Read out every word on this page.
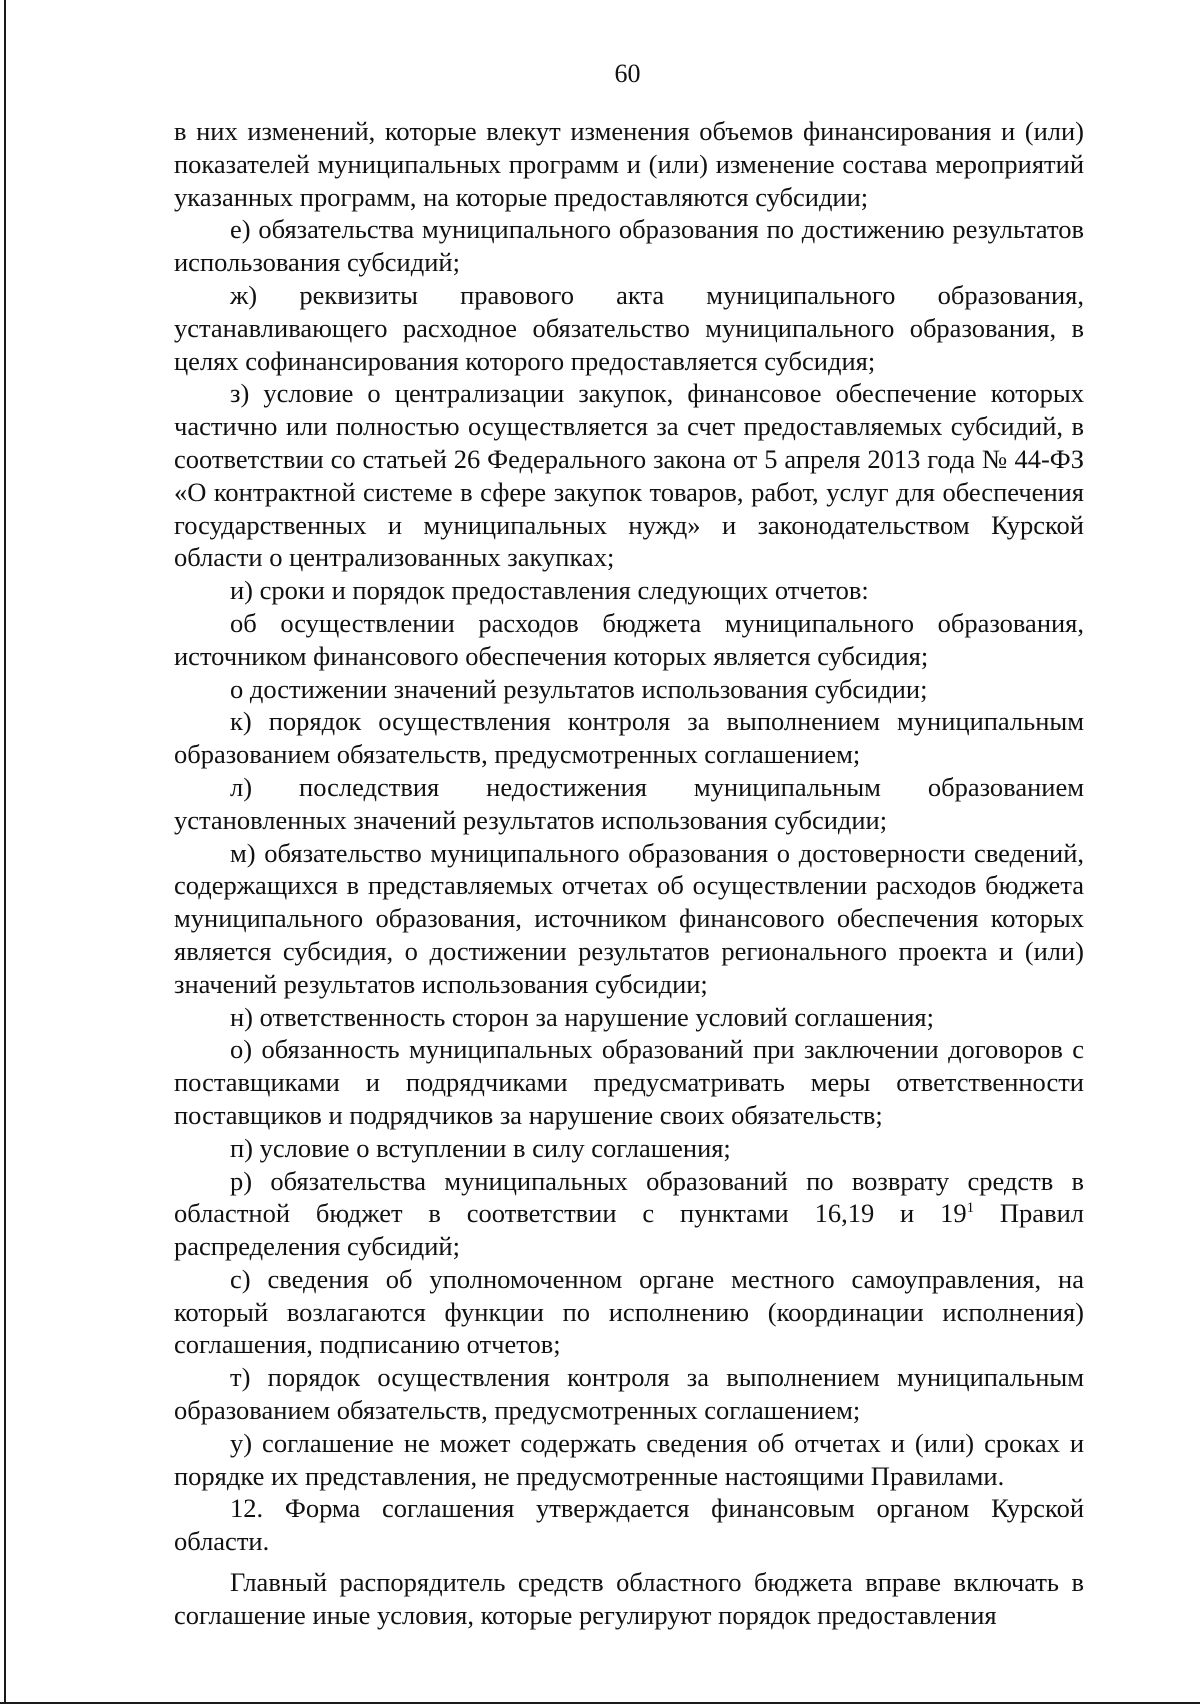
60

в них изменений, которые влекут изменения объемов финансирования и (или) показателей муниципальных программ и (или) изменение состава мероприятий указанных программ, на которые предоставляются субсидии;

е) обязательства муниципального образования по достижению результатов использования субсидий;

ж) реквизиты правового акта муниципального образования, устанавливающего расходное обязательство муниципального образования, в целях софинансирования которого предоставляется субсидия;

з) условие о централизации закупок, финансовое обеспечение которых частично или полностью осуществляется за счет предоставляемых субсидий, в соответствии со статьей 26 Федерального закона от 5 апреля 2013 года № 44-ФЗ «О контрактной системе в сфере закупок товаров, работ, услуг для обеспечения государственных и муниципальных нужд» и законодательством Курской области о централизованных закупках;

и) сроки и порядок предоставления следующих отчетов:

об осуществлении расходов бюджета муниципального образования, источником финансового обеспечения которых является субсидия;

о достижении значений результатов использования субсидии;

к) порядок осуществления контроля за выполнением муниципальным образованием обязательств, предусмотренных соглашением;

л) последствия недостижения муниципальным образованием установленных значений результатов использования субсидии;

м) обязательство муниципального образования о достоверности сведений, содержащихся в представляемых отчетах об осуществлении расходов бюджета муниципального образования, источником финансового обеспечения которых является субсидия, о достижении результатов регионального проекта и (или) значений результатов использования субсидии;

н) ответственность сторон за нарушение условий соглашения;

о) обязанность муниципальных образований при заключении договоров с поставщиками и подрядчиками предусматривать меры ответственности поставщиков и подрядчиков за нарушение своих обязательств;

п) условие о вступлении в силу соглашения;

р) обязательства муниципальных образований по возврату средств в областной бюджет в соответствии с пунктами 16,19 и $19^1$ Правил распределения субсидий;

с) сведения об уполномоченном органе местного самоуправления, на который возлагаются функции по исполнению (координации исполнения) соглашения, подписанию отчетов;

т) порядок осуществления контроля за выполнением муниципальным образованием обязательств, предусмотренных соглашением;

у) соглашение не может содержать сведения об отчетах и (или) сроках и порядке их представления, не предусмотренные настоящими Правилами.

12. Форма соглашения утверждается финансовым органом Курской области.

Главный распорядитель средств областного бюджета вправе включать в соглашение иные условия, которые регулируют порядок предоставления
